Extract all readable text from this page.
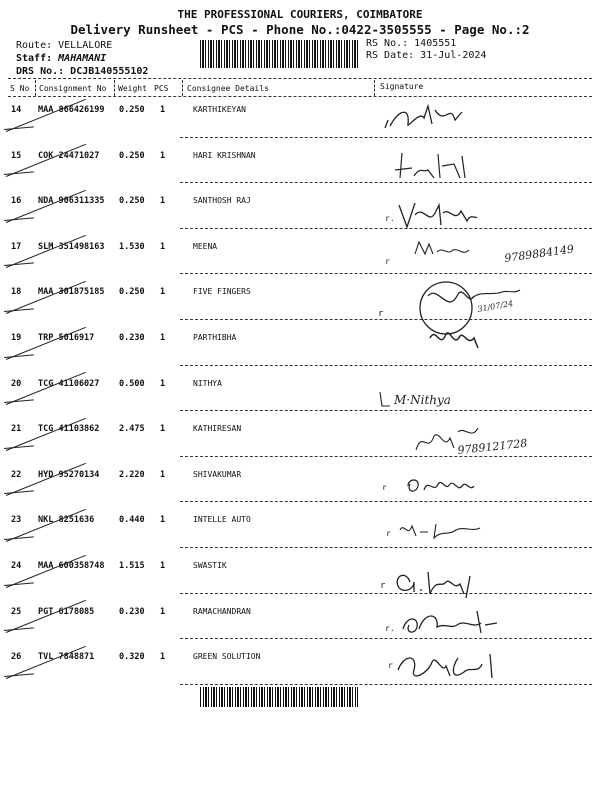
THE PROFESSIONAL COURIERS, COIMBATORE
Delivery Runsheet - PCS - Phone No.:0422-3505555 - Page No.:2
Route: VELLALORE
Staff: MAHAMANI
DRS No.: DCJB140555102
RS No.: 1405551
RS Date: 31-Jul-2024
S No Consignment No Weight PCS Consignee Details	Signature
14 MAA 866426199 0.250 1	KARTHIKEYAN
15 COK 24471027 0.250 1	HARI KRISHNAN
16 NDA 906311335 0.250 1	SANTHOSH RAJ
17 SLM 351498163 1.530 1	MEENA
18 MAA 301875185 0.250 1	FIVE FINGERS
19 TRP 5016917	0.230 1	PARTHIBHA
20 TCG 41106027 0.500 1	NITHYA
21 TCG 41103862 2.475 1	KATHIRESAN
22 HYD 95270134 2.220 1	SHIVAKUMAR
23 NKL 8251636	0.440 1	INTELLE AUTO
24 MAA 600358748 1.515 1	SWASTIK
25 PGT 6178085	0.230 1	RAMACHANDRAN
26 TVL 7848871	0.320 1	GREEN SOLUTION
r.
r	9789884149
r
31/07/24
M·Nithya
9789121728
r
r
r
r.
r
